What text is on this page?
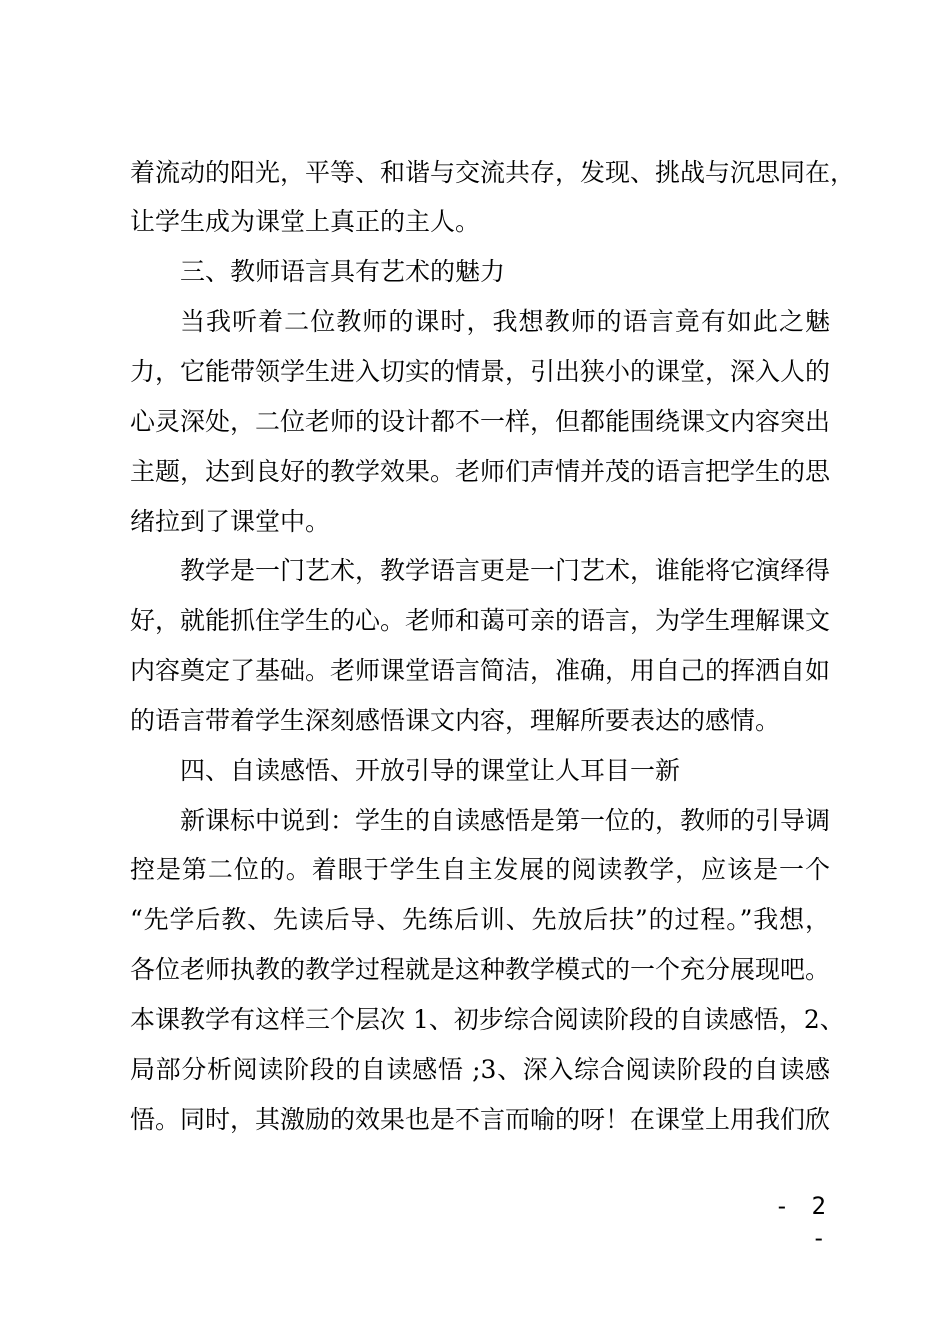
着流动的阳光，平等、和谐与交流共存，发现、挑战与沉思同在，
让学生成为课堂上真正的主人。
三、教师语言具有艺术的魅力
当我听着二位教师的课时，我想教师的语言竟有如此之魅
力，它能带领学生进入切实的情景，引出狭小的课堂，深入人的
心灵深处，二位老师的设计都不一样，但都能围绕课文内容突出
主题，达到良好的教学效果。老师们声情并茂的语言把学生的思
绪拉到了课堂中。
教学是一门艺术，教学语言更是一门艺术，谁能将它演绎得
好，就能抓住学生的心。老师和蔼可亲的语言，为学生理解课文
内容奠定了基础。老师课堂语言简洁，准确，用自己的挥洒自如
的语言带着学生深刻感悟课文内容，理解所要表达的感情。
四、自读感悟、开放引导的课堂让人耳目一新
新课标中说到：学生的自读感悟是第一位的，教师的引导调
控是第二位的。着眼于学生自主发展的阅读教学，应该是一个
“先学后教、先读后导、先练后训、先放后扶”的过程。”我想，
各位老师执教的教学过程就是这种教学模式的一个充分展现吧。
本课教学有这样三个层次 1、初步综合阅读阶段的自读感悟，2、
局部分析阅读阶段的自读感悟 ;3、深入综合阅读阶段的自读感
悟。同时，其激励的效果也是不言而喻的呀！在课堂上用我们欣
- 2 -
